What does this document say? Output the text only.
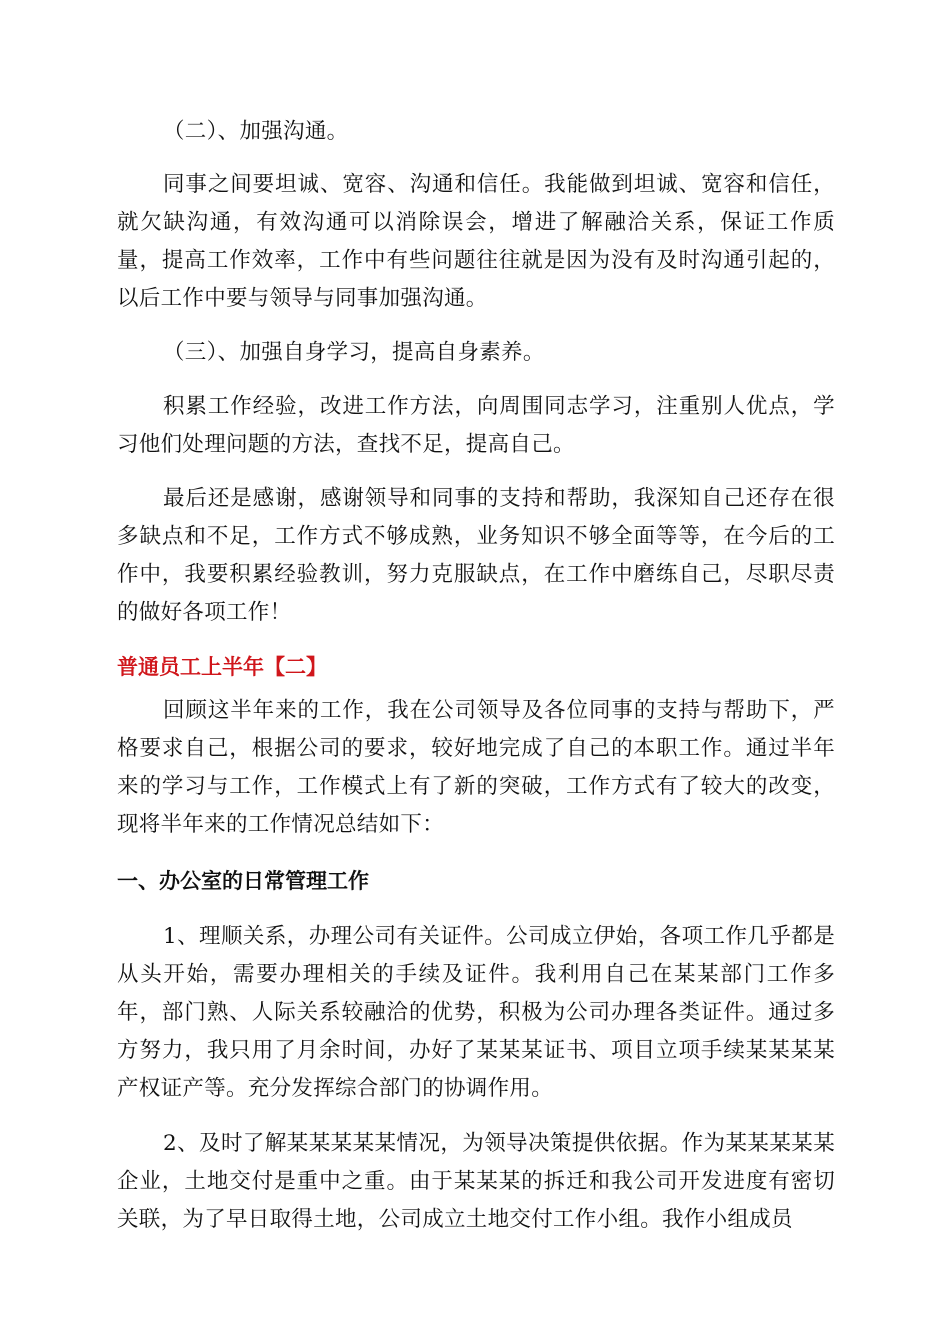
（二）、加强沟通。

同事之间要坦诚、宽容、沟通和信任。我能做到坦诚、宽容和信任，就欠缺沟通，有效沟通可以消除误会，增进了解融洽关系，保证工作质量，提高工作效率，工作中有些问题往往就是因为没有及时沟通引起的，以后工作中要与领导与同事加强沟通。

（三）、加强自身学习，提高自身素养。

积累工作经验，改进工作方法，向周围同志学习，注重别人优点，学习他们处理问题的方法，查找不足，提高自己。

最后还是感谢，感谢领导和同事的支持和帮助，我深知自己还存在很多缺点和不足，工作方式不够成熟，业务知识不够全面等等，在今后的工作中，我要积累经验教训，努力克服缺点，在工作中磨练自己，尽职尽责的做好各项工作！

普通员工上半年【二】

回顾这半年来的工作，我在公司领导及各位同事的支持与帮助下，严格要求自己，根据公司的要求，较好地完成了自己的本职工作。通过半年来的学习与工作，工作模式上有了新的突破，工作方式有了较大的改变，现将半年来的工作情况总结如下：

一、办公室的日常管理工作

1、理顺关系，办理公司有关证件。公司成立伊始，各项工作几乎都是从头开始，需要办理相关的手续及证件。我利用自己在某某部门工作多年，部门熟、人际关系较融洽的优势，积极为公司办理各类证件。通过多方努力，我只用了月余时间，办好了某某某证书、项目立项手续某某某某产权证产等。充分发挥综合部门的协调作用。

2、及时了解某某某某某情况，为领导决策提供依据。作为某某某某某企业，土地交付是重中之重。由于某某某的拆迁和我公司开发进度有密切关联，为了早日取得土地，公司成立土地交付工作小组。我作小组成员
